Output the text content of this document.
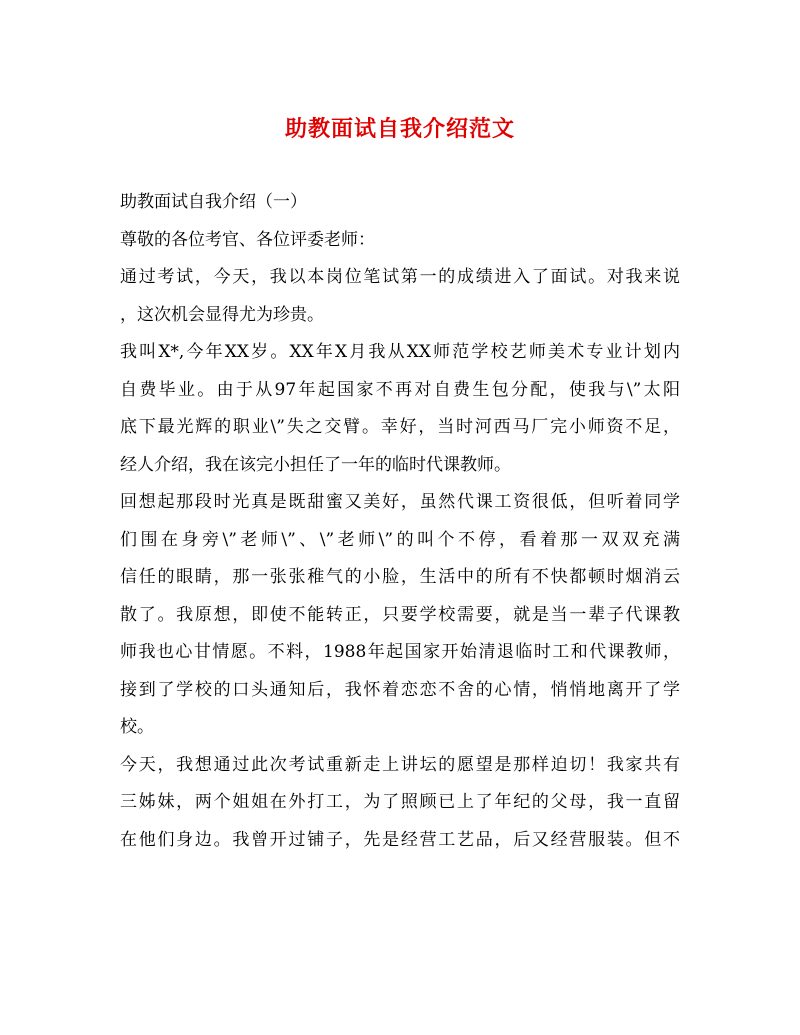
助教面试自我介绍范文
助教面试自我介绍（一）
尊敬的各位考官、各位评委老师：
通过考试，今天，我以本岗位笔试第一的成绩进入了面试。对我来说
，这次机会显得尤为珍贵。
我叫X*,今年XX岁。XX年X月我从XX师范学校艺师美术专业计划内
自费毕业。由于从97年起国家不再对自费生包分配，使我与\”太阳
底下最光辉的职业\”失之交臂。幸好，当时河西马厂完小师资不足，
经人介绍，我在该完小担任了一年的临时代课教师。
回想起那段时光真是既甜蜜又美好，虽然代课工资很低，但听着同学
们围在身旁\”老师\”、\”老师\”的叫个不停，看着那一双双充满
信任的眼睛，那一张张稚气的小脸，生活中的所有不快都顿时烟消云
散了。我原想，即使不能转正，只要学校需要，就是当一辈子代课教
师我也心甘情愿。不料，1988年起国家开始清退临时工和代课教师，
接到了学校的口头通知后，我怀着恋恋不舍的心情，悄悄地离开了学
校。
今天，我想通过此次考试重新走上讲坛的愿望是那样迫切！我家共有
三姊妹，两个姐姐在外打工，为了照顾已上了年纪的父母，我一直留
在他们身边。我曾开过铺子，先是经营工艺品，后又经营服装。但不
